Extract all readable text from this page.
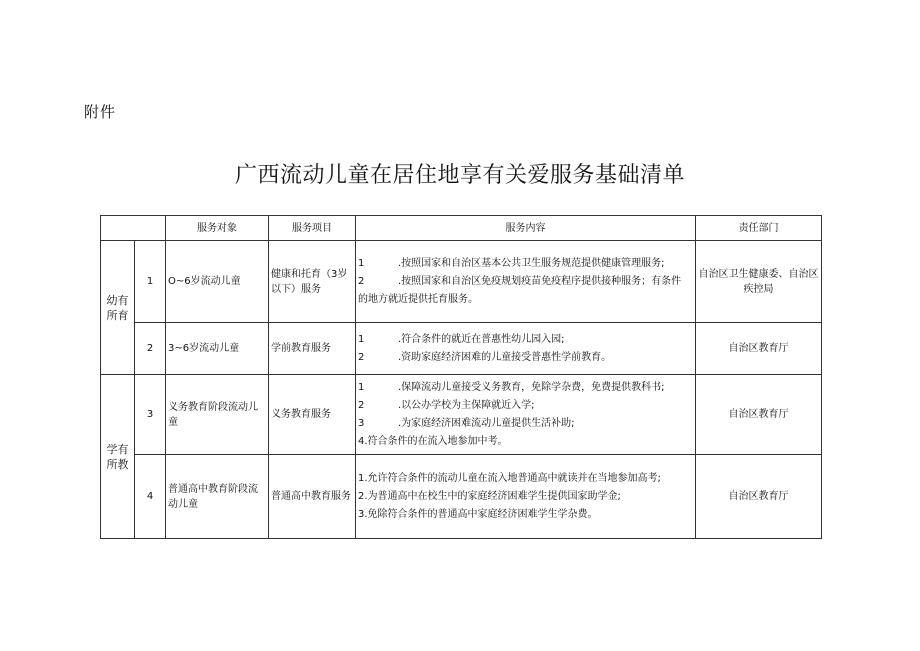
附件
广西流动儿童在居住地享有关爱服务基础清单
		服务对象	服务项目	服务内容	责任部门

幼有所育	1	O~6岁流动儿童	健康和托育（3岁以下）服务	1 .按照国家和自治区基本公共卫生服务规范提供健康管理服务;
2 .按照国家和自治区免疫规划疫苗免疫程序提供接种服务；有条件
的地方就近提供托育服务。	自治区卫生健康委、自治区疾控局
	2	3~6岁流动儿童	学前教育服务	1 .符合条件的就近在普惠性幼儿园入园;
2 .资助家庭经济困难的儿童接受普惠性学前教育。	自治区教育厅

学有所教	3	义务教育阶段流动儿童	义务教育服务	1 .保障流动儿童接受义务教育，免除学杂费，免费提供教科书;
2 .以公办学校为主保障就近入学;
3 .为家庭经济困难流动儿童提供生活补助;
4.符合条件的在流入地参加中考。	自治区教育厅
	4	普通高中教育阶段流动儿童	普通高中教育服务	1.允许符合条件的流动儿童在流入地普通高中就读并在当地参加高考;
2.为普通高中在校生中的家庭经济困难学生提供国家助学金;
3.免除符合条件的普通高中家庭经济困难学生学杂费。	自治区教育厅
